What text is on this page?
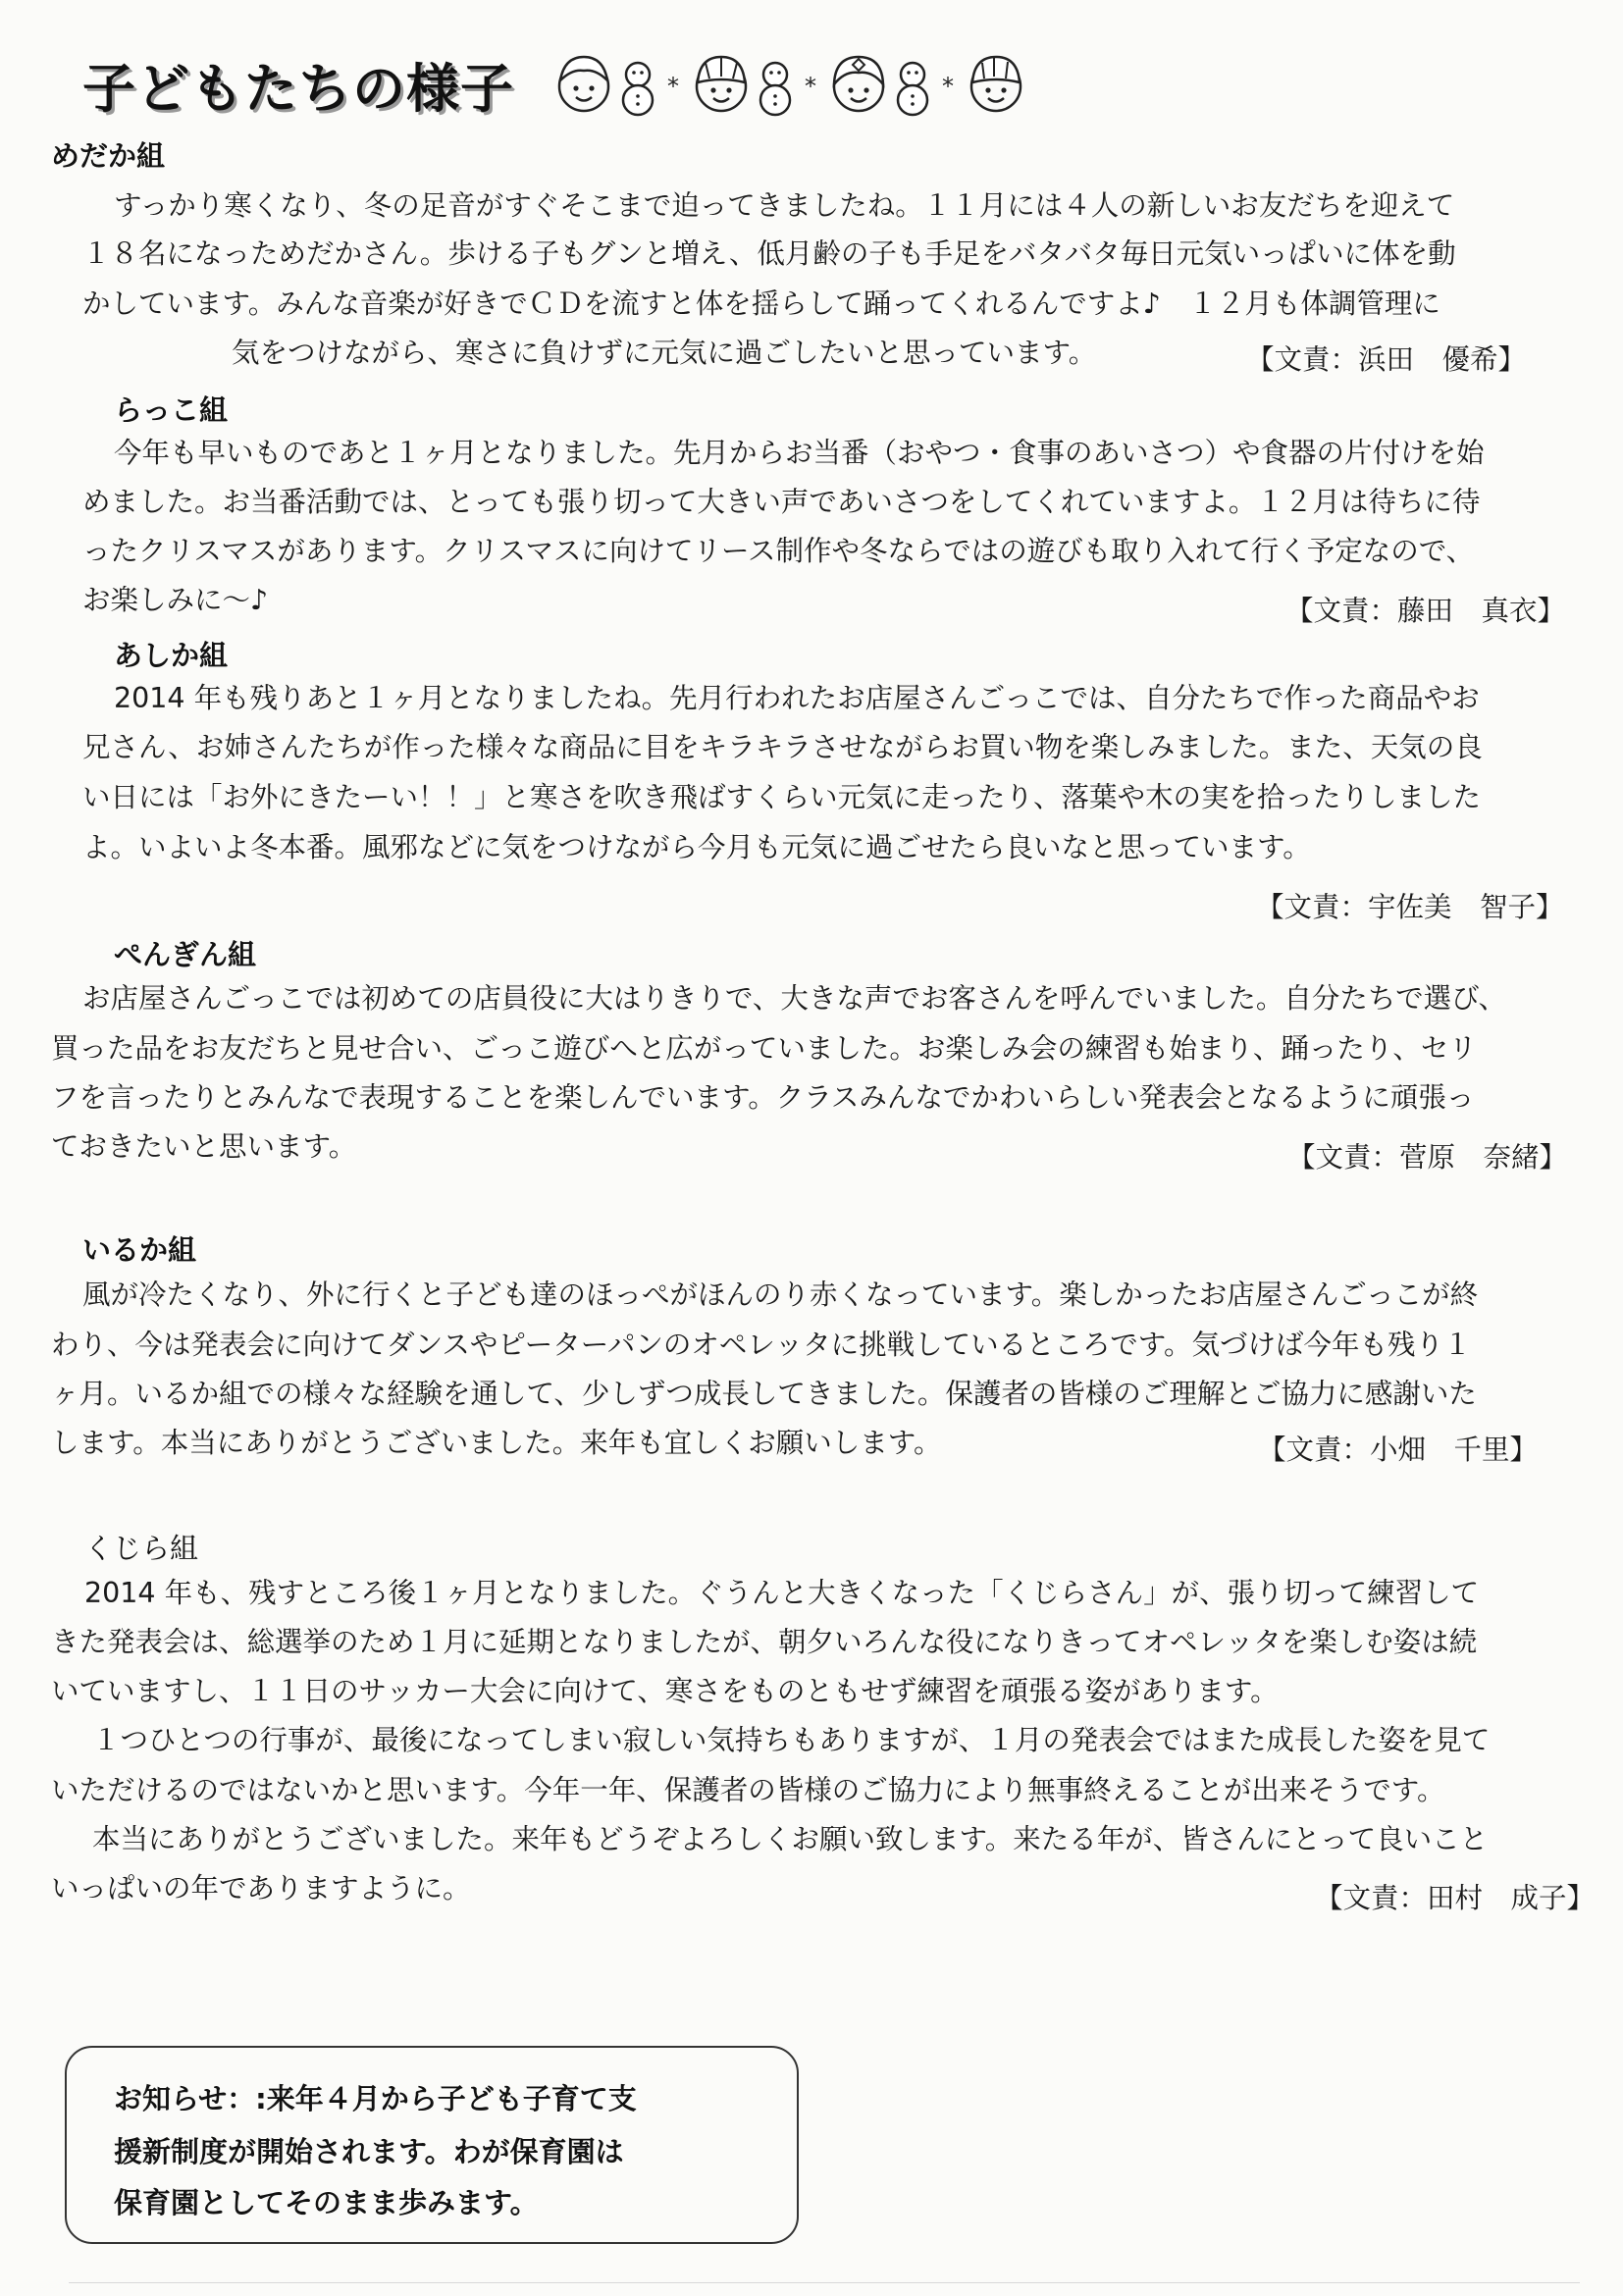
子どもたちの様子	*	*	*
めだか組

すっかり寒くなり、冬の足音がすぐそこまで迫ってきましたね。１１月には４人の新しいお友だちを迎えて

１８名になっためだかさん。歩ける子もグンと増え、低月齢の子も手足をバタバタ毎日元気いっぱいに体を動

かしています。みんな音楽が好きでＣＤを流すと体を揺らして踊ってくれるんですよ♪　１２月も体調管理に

気をつけながら、寒さに負けずに元気に過ごしたいと思っています。	【文責：浜田　優希】

らっこ組

今年も早いものであと１ヶ月となりました。先月からお当番（おやつ・食事のあいさつ）や食器の片付けを始

めました。お当番活動では、とっても張り切って大きい声であいさつをしてくれていますよ。１２月は待ちに待

ったクリスマスがあります。クリスマスに向けてリース制作や冬ならではの遊びも取り入れて行く予定なので、

お楽しみに～♪	【文責：藤田　真衣】

あしか組

2014 年も残りあと１ヶ月となりましたね。先月行われたお店屋さんごっこでは、自分たちで作った商品やお

兄さん、お姉さんたちが作った様々な商品に目をキラキラさせながらお買い物を楽しみました。また、天気の良

い日には「お外にきたーい！！」と寒さを吹き飛ばすくらい元気に走ったり、落葉や木の実を拾ったりしました

よ。いよいよ冬本番。風邪などに気をつけながら今月も元気に過ごせたら良いなと思っています。

【文責：宇佐美　智子】

ぺんぎん組

お店屋さんごっこでは初めての店員役に大はりきりで、大きな声でお客さんを呼んでいました。自分たちで選び、

買った品をお友だちと見せ合い、ごっこ遊びへと広がっていました。お楽しみ会の練習も始まり、踊ったり、セリ

フを言ったりとみんなで表現することを楽しんでいます。クラスみんなでかわいらしい発表会となるように頑張っ

ておきたいと思います。	【文責：菅原　奈緒】

いるか組

風が冷たくなり、外に行くと子ども達のほっぺがほんのり赤くなっています。楽しかったお店屋さんごっこが終

わり、今は発表会に向けてダンスやピーターパンのオペレッタに挑戦しているところです。気づけば今年も残り１

ヶ月。いるか組での様々な経験を通して、少しずつ成長してきました。保護者の皆様のご理解とご協力に感謝いた

します。本当にありがとうございました。来年も宜しくお願いします。	【文責：小畑　千里】

くじら組

2014 年も、残すところ後１ヶ月となりました。ぐうんと大きくなった「くじらさん」が、張り切って練習して

きた発表会は、総選挙のため１月に延期となりましたが、朝夕いろんな役になりきってオペレッタを楽しむ姿は続

いていますし、１１日のサッカー大会に向けて、寒さをものともせず練習を頑張る姿があります。

１つひとつの行事が、最後になってしまい寂しい気持ちもありますが、１月の発表会ではまた成長した姿を見て

いただけるのではないかと思います。今年一年、保護者の皆様のご協力により無事終えることが出来そうです。

本当にありがとうございました。来年もどうぞよろしくお願い致します。来たる年が、皆さんにとって良いこと

いっぱいの年でありますように。	【文責：田村　成子】

お知らせ：:来年４月から子ども子育て支

援新制度が開始されます。わが保育園は

保育園としてそのまま歩みます。
